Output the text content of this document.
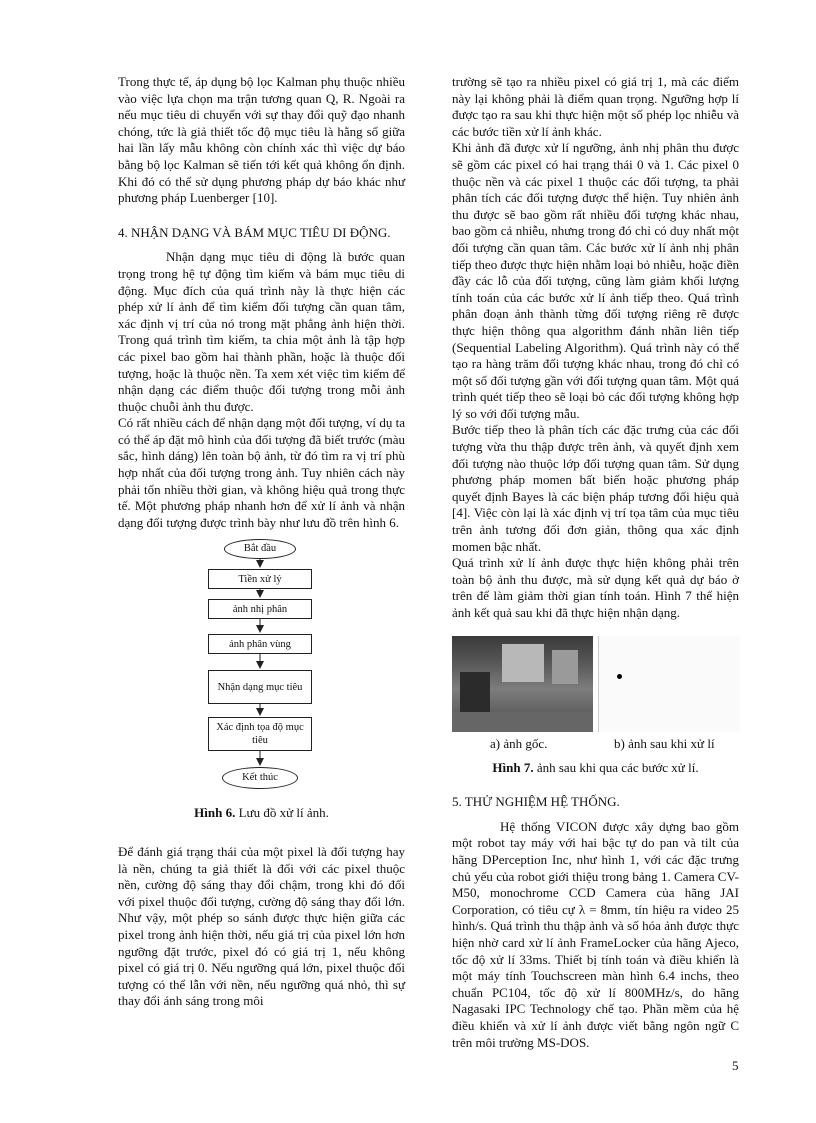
Trong thực tế, áp dụng bộ lọc Kalman phụ thuộc nhiều vào việc lựa chọn ma trận tương quan Q, R. Ngoài ra nếu mục tiêu di chuyển với sự thay đổi quỹ đạo nhanh chóng, tức là giả thiết tốc độ mục tiêu là hằng số giữa hai lần lấy mẫu không còn chính xác thì việc dự báo bằng bộ lọc Kalman sẽ tiến tới kết quả không ổn định. Khi đó có thể sử dụng phương pháp dự báo khác như phương pháp Luenberger [10].

4. NHẬN DẠNG VÀ BÁM MỤC TIÊU DI ĐỘNG.

Nhận dạng mục tiêu di động là bước quan trọng trong hệ tự động tìm kiếm và bám mục tiêu di động. Mục đích của quá trình này là thực hiện các phép xử lí ảnh để tìm kiếm đối tượng cần quan tâm, xác định vị trí của nó trong mặt phẳng ảnh hiện thời. Trong quá trình tìm kiếm, ta chia một ảnh là tập hợp các pixel bao gồm hai thành phần, hoặc là thuộc đối tượng, hoặc là thuộc nền. Ta xem xét việc tìm kiếm để nhận dạng các điểm thuộc đối tượng trong mỗi ảnh thuộc chuỗi ảnh thu được.

Có rất nhiều cách để nhận dạng một đối tượng, ví dụ ta có thể áp đặt mô hình của đối tượng đã biết trước (màu sắc, hình dáng) lên toàn bộ ảnh, từ đó tìm ra vị trí phù hợp nhất của đối tượng trong ảnh. Tuy nhiên cách này phải tốn nhiều thời gian, và không hiệu quả trong thực tế. Một phương pháp nhanh hơn để xử lí ảnh và nhận dạng đối tượng được trình bày như lưu đồ trên hình 6.

Bắt đầu
Tiền xử lý
ảnh nhị phân
ảnh phân vùng
Nhận dạng mục tiêu
Xác định tọa độ mục tiêu
Kết thúc

Hình 6. Lưu đồ xử lí ảnh.

Để đánh giá trạng thái của một pixel là đối tượng hay là nền, chúng ta giả thiết là đối với các pixel thuộc nền, cường độ sáng thay đổi chậm, trong khi đó đối với pixel thuộc đối tượng, cường độ sáng thay đổi lớn. Như vậy, một phép so sánh được thực hiện giữa các pixel trong ảnh hiện thời, nếu giá trị của pixel lớn hơn ngưỡng đặt trước, pixel đó có giá trị 1, nếu không pixel có giá trị 0. Nếu ngưỡng quá lớn, pixel thuộc đối tượng có thể lẫn với nền, nếu ngưỡng quá nhỏ, thì sự thay đổi ánh sáng trong môi

trường sẽ tạo ra nhiều pixel có giá trị 1, mà các điểm này lại không phải là điểm quan trọng. Ngưỡng hợp lí được tạo ra sau khi thực hiện một số phép lọc nhiễu và các bước tiền xử lí ảnh khác.

Khi ảnh đã được xử lí ngưỡng, ảnh nhị phân thu được sẽ gồm các pixel có hai trạng thái 0 và 1. Các pixel 0 thuộc nền và các pixel 1 thuộc các đối tượng, ta phải phân tích các đối tượng được thể hiện. Tuy nhiên ảnh thu được sẽ bao gồm rất nhiều đối tượng khác nhau, bao gồm cả nhiễu, nhưng trong đó chỉ có duy nhất một đối tượng cần quan tâm. Các bước xử lí ảnh nhị phân tiếp theo được thực hiện nhằm loại bỏ nhiễu, hoặc điền đầy các lỗ của đối tượng, cũng làm giảm khối lượng tính toán của các bước xử lí ảnh tiếp theo. Quá trình phân đoạn ảnh thành từng đối tượng riêng rẽ được thực hiện thông qua algorithm đánh nhãn liên tiếp (Sequential Labeling Algorithm). Quá trình này có thể tạo ra hàng trăm đối tượng khác nhau, trong đó chỉ có một số đối tượng gần với đối tượng quan tâm. Một quá trình quét tiếp theo sẽ loại bỏ các đối tượng không hợp lý so với đối tượng mẫu.

Bước tiếp theo là phân tích các đặc trưng của các đối tượng vừa thu thập được trên ảnh, và quyết định xem đối tượng nào thuộc lớp đối tượng quan tâm. Sử dụng phương pháp momen bất biến hoặc phương pháp quyết định Bayes là các biện pháp tương đối hiệu quả [4]. Việc còn lại là xác định vị trí tọa tâm của mục tiêu trên ảnh tương đối đơn giản, thông qua xác định momen bậc nhất.

Quá trình xử lí ảnh được thực hiện không phải trên toàn bộ ảnh thu được, mà sử dụng kết quả dự báo ở trên để làm giảm thời gian tính toán. Hình 7 thể hiện ảnh kết quả sau khi đã thực hiện nhận dạng.

a) ảnh gốc.	b) ảnh sau khi xử lí

Hình 7. ảnh sau khi qua các bước xử lí.

5. THỬ NGHIỆM HỆ THỐNG.

Hệ thống VICON được xây dựng bao gồm một robot tay máy với hai bậc tự do pan và tilt của hãng DPerception Inc, như hình 1, với các đặc trưng chủ yếu của robot giới thiệu trong bảng 1. Camera CV-M50, monochrome CCD Camera của hãng JAI Corporation, có tiêu cự λ = 8mm, tín hiệu ra video 25 hình/s. Quá trình thu thập ảnh và số hóa ảnh được thực hiện nhờ card xử lí ảnh FrameLocker của hãng Ajeco, tốc độ xử lí 33ms. Thiết bị tính toán và điều khiển là một máy tính Touchscreen màn hình 6.4 inchs, theo chuẩn PC104, tốc độ xử lí 800MHz/s, do hãng Nagasaki IPC Technology chế tạo. Phần mềm của hệ điều khiển và xử lí ảnh được viết bằng ngôn ngữ C trên môi trường MS-DOS.

5
